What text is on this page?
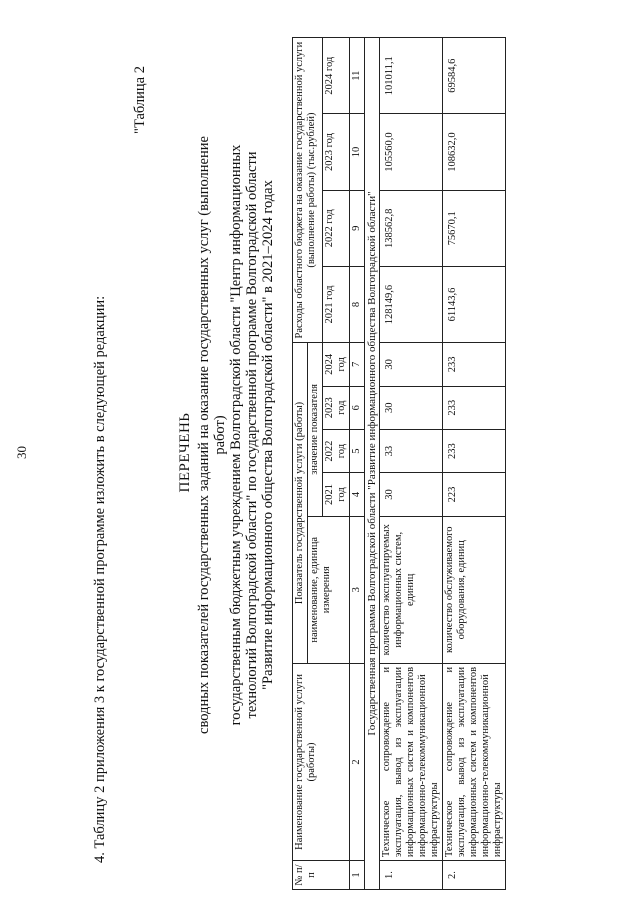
30	4. Таблицу 2 приложения 3 к государственной программе изложить в следующей редакции:
"Таблица 2
ПЕРЕЧЕНЬ сводных показателей государственных заданий на оказание государственных услуг (выполнение работ) государственным бюджетным учреждением Волгоградской области "Центр информационных технологий Волгоградской области" по государственной программе Волгоградской области "Развитие информационного общества Волгоградской области" в 2021–2024 годах
№ п/п	Наименование государственной услуги (работы)	Показатель государственной услуги (работы)					Расходы областного бюджета на оказание государственной услуги (выполнение работы) (тыс.рублей)			
		наименование, единица измерения	значение показателя							
			2021 год	2022 год	2023 год	2024 год	2021 год	2022 год	2023 год	2024 год
1	2	3	4	5	6	7	8	9	10	11
Государственная программа Волгоградской области "Развитие информационного общества Волгоградской области"										
1.	Техническое сопровождение и эксплуатация, вывод из эксплуатации информационных систем и компонентов информационно-телекоммуникационной инфраструктуры	количество эксплуатируемых информационных систем, единиц	30	33	30	30	128149,6	138562,8	105560,0	101011,1
2.	Техническое сопровождение и эксплуатация, вывод из эксплуатации информационных систем и компонентов информационно-телекоммуникационной инфраструктуры	количество обслуживаемого оборудования, единиц	223	233	233	233	61143,6	75670,1	108632,0	69584,6
